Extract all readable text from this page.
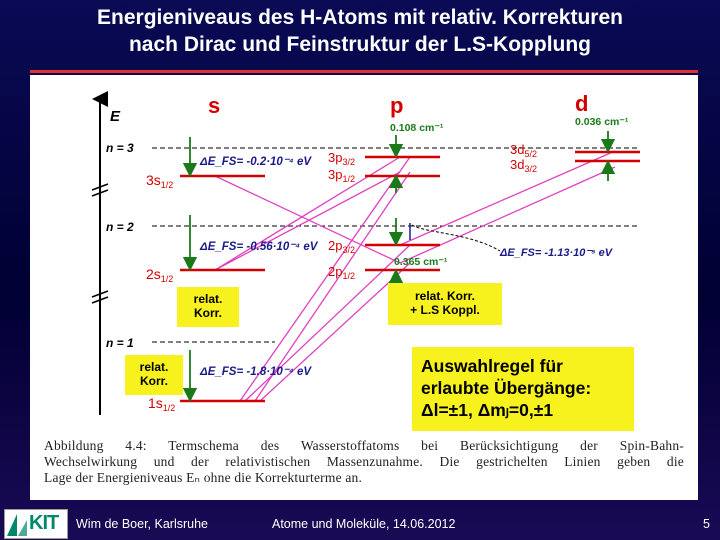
Energieniveaus des H-Atoms mit relativ. Korrekturen
nach Dirac und Feinstruktur der L.S-Kopplung
E	s	p	d
0.108 cm⁻¹	0.036 cm⁻¹
n = 3
n = 2
n = 1
$3s_{1/2}$
$2s_{1/2}$
$1s_{1/2}$
$3p_{3/2}$
$3p_{1/2}$
$2p_{3/2}$
$2p_{1/2}$
$3d_{5/2}$
$3d_{3/2}$
ΔE_FS= -0.2·10⁻⁴ eV
ΔE_FS= -0.56·10⁻⁴ eV
ΔE_FS= -1.8·10⁻⁴ eV
ΔE_FS= -1.13·10⁻⁵ eV
0.365 cm⁻¹
relat.
Korr.
relat.
Korr.
relat. Korr.
+ L.S Koppl.
Abbildung 4.4: Termschema des Wasserstoffatoms bei Berücksichtigung der Spin-Bahn-
Wechselwirkung und der relativistischen Massenzunahme. Die gestrichelten Linien geben die
Lage der Energieniveaus Eₙ ohne die Korrekturterme an.
Auswahlregel für
erlaubte Übergänge:
Δl=±1, Δmⱼ=0,±1
KIT Wim de Boer, Karlsruhe	Atome und Moleküle, 14.06.2012	5
